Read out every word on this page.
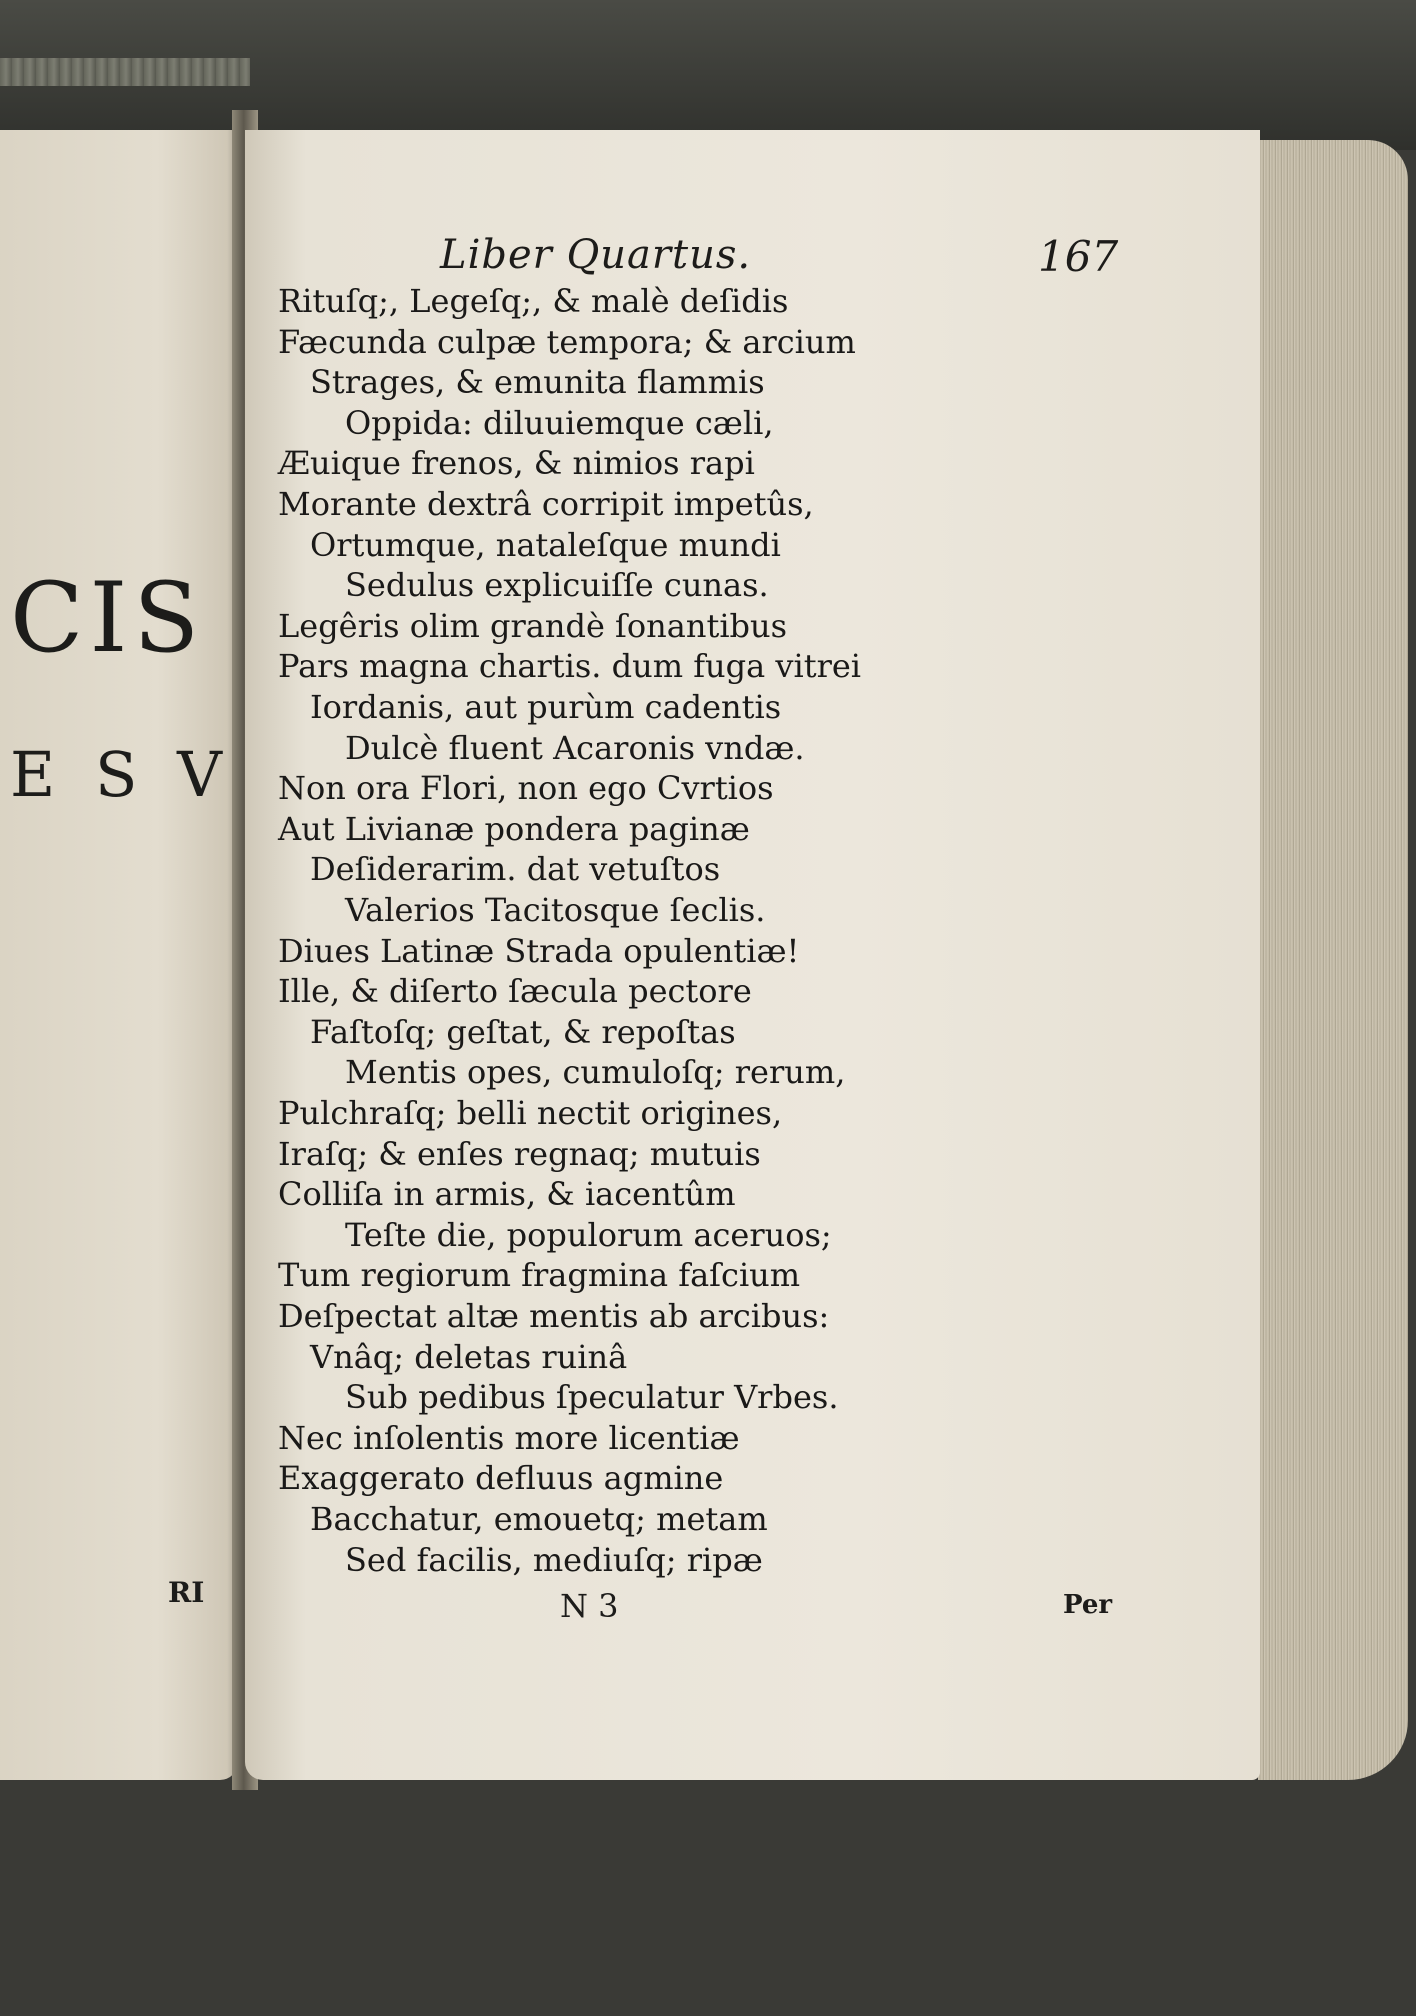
CIS
E S V
RI
Liber Quartus.	167
Rituſq;, Legeſq;, & malè deſidis
Fæcunda culpæ tempora; & arcium
Strages, & emunita flammis
Oppida: diluuiemque cæli,
Æuique frenos, & nimios rapi
Morante dextrâ corripit impetûs,
Ortumque, nataleſque mundi
Sedulus explicuiſſe cunas.
Legêris olim grandè ſonantibus
Pars magna chartis. dum fuga vitrei
Iordanis, aut purùm cadentis
Dulcè fluent Acaronis vndæ.
Non ora Flori, non ego Cvrtios
Aut Livianæ pondera paginæ
Deſiderarim. dat vetuſtos
Valerios Tacitosque ſeclis.
Diues Latinæ Strada opulentiæ!
Ille, & diſerto ſæcula pectore
Faſtoſq; geſtat, & repoſtas
Mentis opes, cumuloſq; rerum,
Pulchraſq; belli nectit origines,
Iraſq; & enſes regnaq; mutuis
Colliſa in armis, & iacentûm
Teſte die, populorum aceruos;
Tum regiorum fragmina faſcium
Deſpectat altæ mentis ab arcibus:
Vnâq; deletas ruinâ
Sub pedibus ſpeculatur Vrbes.
Nec inſolentis more licentiæ
Exaggerato defluus agmine
Bacchatur, emouetq; metam
Sed facilis, mediuſq; ripæ
N 3	Per
